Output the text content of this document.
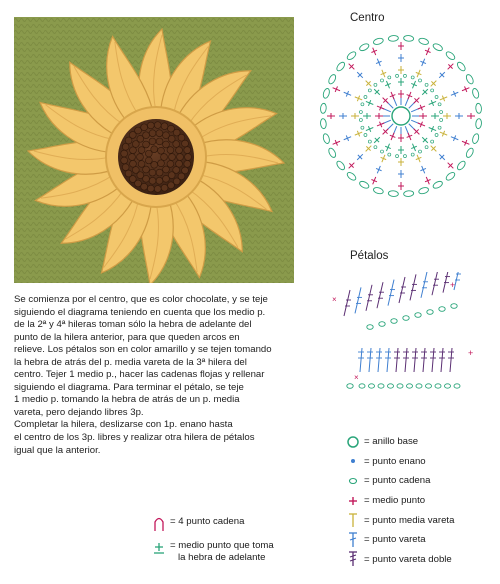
Se comienza por el centro, que es color chocolate, y se teje

siguiendo el diagrama teniendo en cuenta que los medio p.

de la 2ª y 4ª hileras toman sólo la hebra de adelante del

punto de la hilera anterior, para que queden arcos en

relieve. Los pétalos son en color amarillo y se tejen tomando

la hebra de atrás del p. media vareta de la 3ª hilera del

centro. Tejer 1 medio p., hacer las cadenas flojas y rellenar

siguiendo el diagrama. Para terminar el pétalo, se teje

1 medio p. tomando la hebra de atrás de un p. media

vareta, pero dejando libres 3p.

Completar la hilera, deslizarse con 1p. enano hasta

el centro de los 3p. libres y realizar otra hilera de pétalos

igual que la anterior.

Centro
Pétalos
×
+
+
×
= anillo base
= punto enano
= punto cadena
= medio punto
= punto media vareta
= punto vareta
= punto vareta doble
= 4 punto cadena
= medio punto que toma
la hebra de adelante
